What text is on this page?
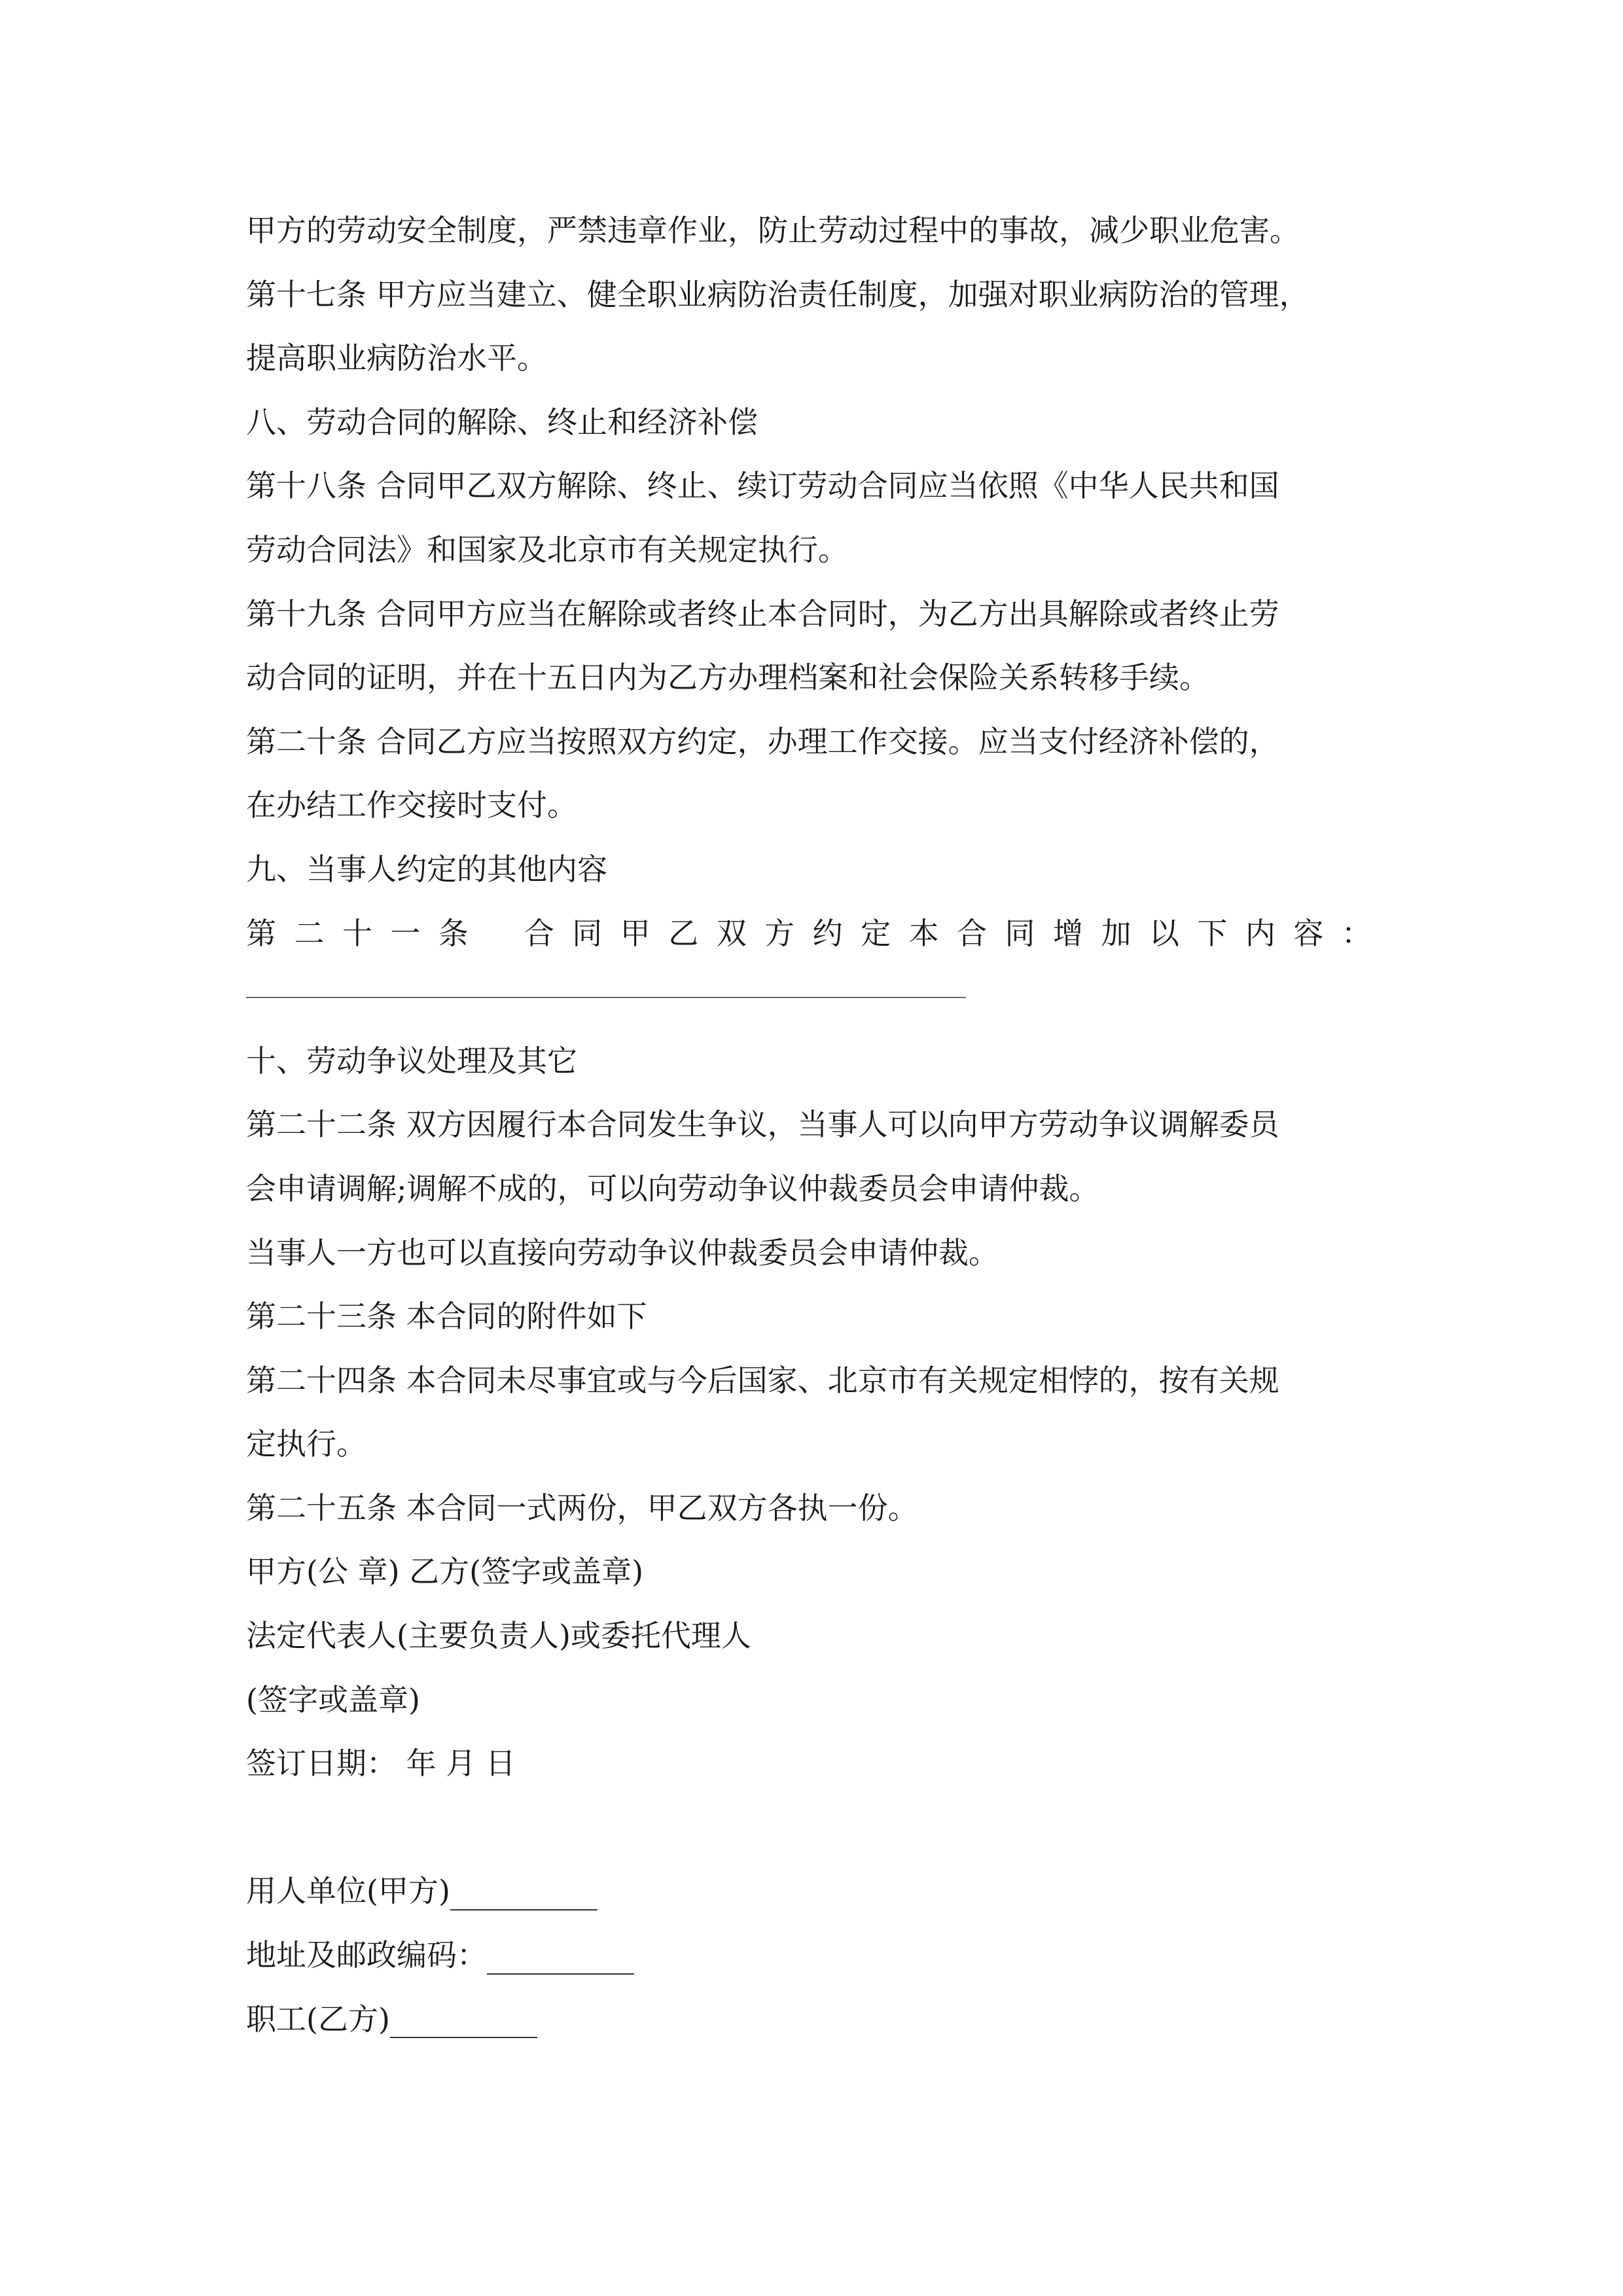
甲方的劳动安全制度，严禁违章作业，防止劳动过程中的事故，减少职业危害。
第十七条 甲方应当建立、健全职业病防治责任制度，加强对职业病防治的管理，
提高职业病防治水平。
八、劳动合同的解除、终止和经济补偿
第十八条 合同甲乙双方解除、终止、续订劳动合同应当依照《中华人民共和国
劳动合同法》和国家及北京市有关规定执行。
第十九条 合同甲方应当在解除或者终止本合同时，为乙方出具解除或者终止劳
动合同的证明，并在十五日内为乙方办理档案和社会保险关系转移手续。
第二十条 合同乙方应当按照双方约定，办理工作交接。应当支付经济补偿的，
在办结工作交接时支付。
九、当事人约定的其他内容
第 二 十 一 条 合 同 甲 乙 双 方 约 定 本 合 同 增 加 以 下 内 容 ：
十、劳动争议处理及其它
第二十二条 双方因履行本合同发生争议，当事人可以向甲方劳动争议调解委员
会申请调解;调解不成的，可以向劳动争议仲裁委员会申请仲裁。
当事人一方也可以直接向劳动争议仲裁委员会申请仲裁。
第二十三条 本合同的附件如下
第二十四条 本合同未尽事宜或与今后国家、北京市有关规定相悖的，按有关规
定执行。
第二十五条 本合同一式两份，甲乙双方各执一份。
甲方(公 章) 乙方(签字或盖章)
法定代表人(主要负责人)或委托代理人
(签字或盖章)
签订日期： 年 月 日
用人单位(甲方)
地址及邮政编码：
职工(乙方)
